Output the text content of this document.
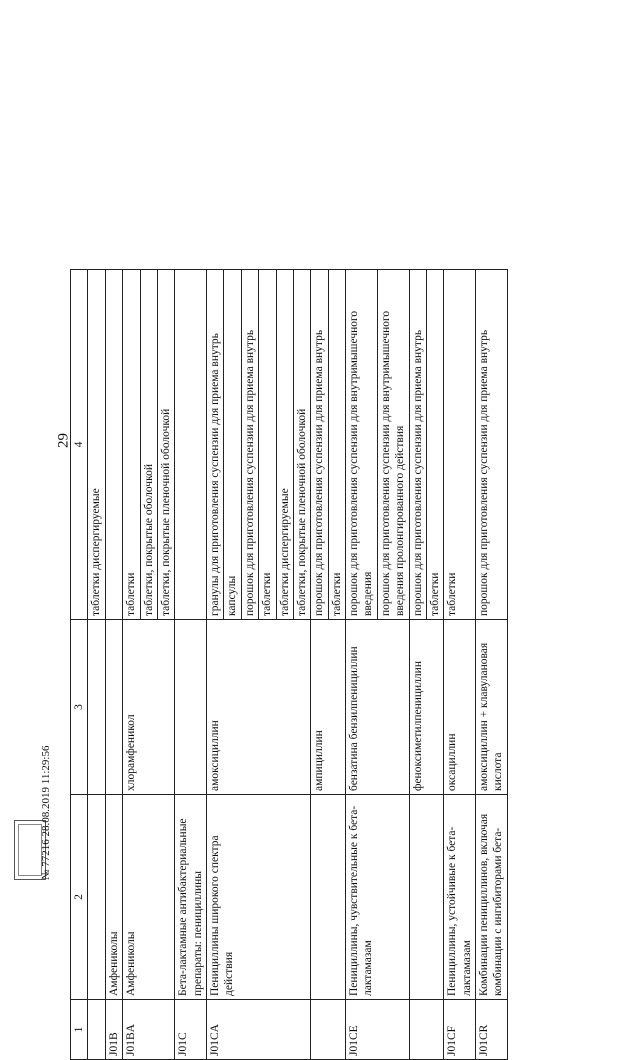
29
1	2	3	4
			таблетки диспергируемые
J01B	Амфениколы		
J01BA	Амфениколы	хлорамфеникол	таблетки
			таблетки, покрытые оболочкой
			таблетки, покрытые пленочной оболочкой
J01C	Бета-лактамные антибактериальные препараты: пенициллины		
J01CA	Пенициллины широкого спектра действия	амоксициллин	гранулы для приготовления суспензии для приема внутрь
			капсулы
			порошок для приготовления суспензии для приема внутрь
			таблетки
			таблетки диспергируемые
			таблетки, покрытые пленочной оболочкой
		ампициллин	порошок для приготовления суспензии для приема внутрь
			таблетки
J01CE	Пенициллины, чувствительные к бета-лактамазам	бензатина бензилпенициллин	порошок для приготовления суспензии для внутримышечного введения
			порошок для приготовления суспензии для внутримышечного введения пролонгированного действия
		феноксиметилпенициллин	порошок для приготовления суспензии для приема внутрь
			таблетки
J01CF	Пенициллины, устойчивые к бета-лактамазам	оксациллин	таблетки
J01CR	Комбинации пенициллинов, включая комбинации с ингибиторами бета-	амоксициллин + клавулановая кислота	порошок для приготовления суспензии для приема внутрь
№ 77216 28.08.2019 11:29:56
